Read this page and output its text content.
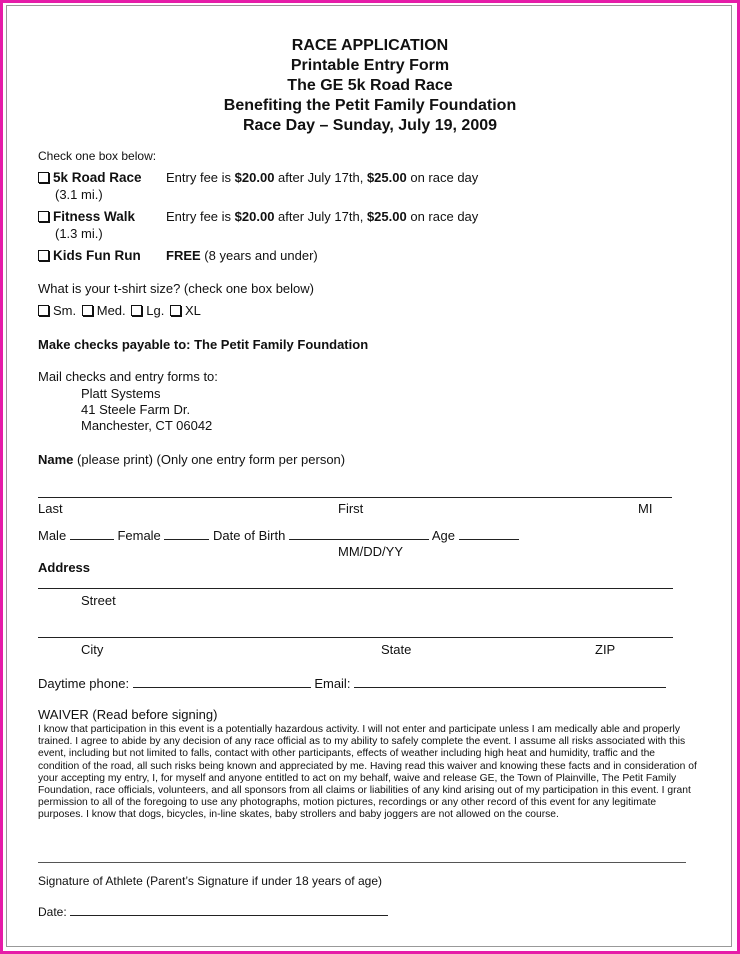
RACE APPLICATION
Printable Entry Form
The GE 5k Road Race
Benefiting the Petit Family Foundation
Race Day – Sunday, July 19, 2009
Check one box below:
5k Road Race
(3.1 mi.)
Entry fee is $20.00 after July 17th, $25.00 on race day
Fitness Walk
(1.3 mi.)
Entry fee is $20.00 after July 17th, $25.00 on race day
Kids Fun Run FREE (8 years and under)
What is your t-shirt size? (check one box below)
Sm. Med. Lg. XL
Make checks payable to: The Petit Family Foundation
Mail checks and entry forms to:
Platt Systems
41 Steele Farm Dr.
Manchester, CT 06042
Name (please print) (Only one entry form per person)
Last	First	MI
Male	Female	Date of Birth	Age
MM/DD/YY
Address
Street
City	State	ZIP
Daytime phone:	Email:
WAIVER (Read before signing)
I know that participation in this event is a potentially hazardous activity. I will not enter and participate unless I am medically able and properly trained. I agree to abide by any decision of any race official as to my ability to safely complete the event. I assume all risks associated with this event, including but not limited to falls, contact with other participants, effects of weather including high heat and humidity, traffic and the condition of the road, all such risks being known and appreciated by me. Having read this waiver and knowing these facts and in consideration of your accepting my entry, I, for myself and anyone entitled to act on my behalf, waive and release GE, the Town of Plainville, The Petit Family Foundation, race officials, volunteers, and all sponsors from all claims or liabilities of any kind arising out of my participation in this event. I grant permission to all of the foregoing to use any photographs, motion pictures, recordings or any other record of this event for any legitimate purposes. I know that dogs, bicycles, in-line skates, baby strollers and baby joggers are not allowed on the course.
Signature of Athlete (Parent’s Signature if under 18 years of age)
Date:
